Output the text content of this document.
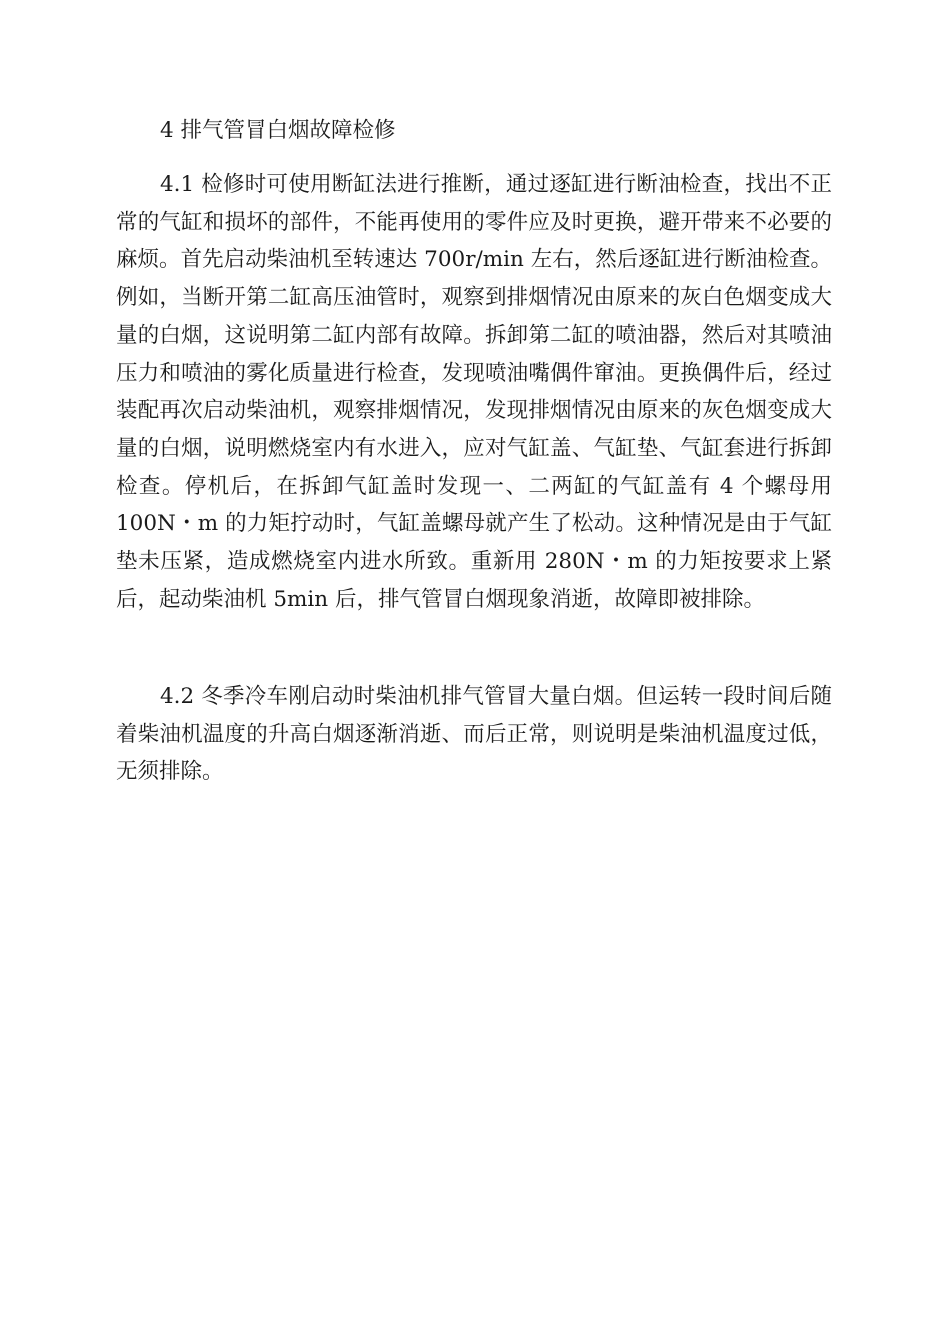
4 排气管冒白烟故障检修

4.1 检修时可使用断缸法进行推断，通过逐缸进行断油检查，找出不正常的气缸和损坏的部件，不能再使用的零件应及时更换，避开带来不必要的麻烦。首先启动柴油机至转速达 700r/min 左右，然后逐缸进行断油检查。例如，当断开第二缸高压油管时，观察到排烟情况由原来的灰白色烟变成大量的白烟，这说明第二缸内部有故障。拆卸第二缸的喷油器，然后对其喷油压力和喷油的雾化质量进行检查，发现喷油嘴偶件窜油。更换偶件后，经过装配再次启动柴油机，观察排烟情况，发现排烟情况由原来的灰色烟变成大量的白烟，说明燃烧室内有水进入，应对气缸盖、气缸垫、气缸套进行拆卸检查。停机后，在拆卸气缸盖时发现一、二两缸的气缸盖有 4 个螺母用 100N・m 的力矩拧动时，气缸盖螺母就产生了松动。这种情况是由于气缸垫未压紧，造成燃烧室内进水所致。重新用 280N・m 的力矩按要求上紧后，起动柴油机 5min 后，排气管冒白烟现象消逝，故障即被排除。

4.2 冬季冷车刚启动时柴油机排气管冒大量白烟。但运转一段时间后随着柴油机温度的升高白烟逐渐消逝、而后正常，则说明是柴油机温度过低，无须排除。
